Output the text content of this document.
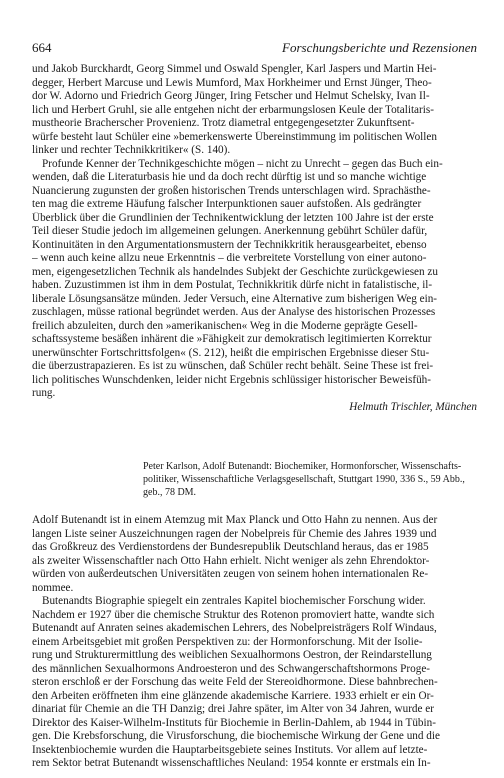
664	Forschungsberichte und Rezensionen
und Jakob Burckhardt, Georg Simmel und Oswald Spengler, Karl Jaspers und Martin Hei-
degger, Herbert Marcuse und Lewis Mumford, Max Horkheimer und Ernst Jünger, Theo-
dor W. Adorno und Friedrich Georg Jünger, Iring Fetscher und Helmut Schelsky, Ivan Il-
lich und Herbert Gruhl, sie alle entgehen nicht der erbarmungslosen Keule der Totalitaris-
mustheorie Bracherscher Provenienz. Trotz diametral entgegengesetzter Zukunftsent-
würfe besteht laut Schüler eine »bemerkenswerte Übereinstimmung im politischen Wollen
linker und rechter Technikkritiker« (S. 140).
Profunde Kenner der Technikgeschichte mögen – nicht zu Unrecht – gegen das Buch ein-
wenden, daß die Literaturbasis hie und da doch recht dürftig ist und so manche wichtige
Nuancierung zugunsten der großen historischen Trends unterschlagen wird. Sprachästhe-
ten mag die extreme Häufung falscher Interpunktionen sauer aufstoßen. Als gedrängter
Überblick über die Grundlinien der Technikentwicklung der letzten 100 Jahre ist der erste
Teil dieser Studie jedoch im allgemeinen gelungen. Anerkennung gebührt Schüler dafür,
Kontinuitäten in den Argumentationsmustern der Technikkritik herausgearbeitet, ebenso
– wenn auch keine allzu neue Erkenntnis – die verbreitete Vorstellung von einer autono-
men, eigengesetzlichen Technik als handelndes Subjekt der Geschichte zurückgewiesen zu
haben. Zuzustimmen ist ihm in dem Postulat, Technikkritik dürfe nicht in fatalistische, il-
liberale Lösungsansätze münden. Jeder Versuch, eine Alternative zum bisherigen Weg ein-
zuschlagen, müsse rational begründet werden. Aus der Analyse des historischen Prozesses
freilich abzuleiten, durch den »amerikanischen« Weg in die Moderne geprägte Gesell-
schaftssysteme besäßen inhärent die »Fähigkeit zur demokratisch legitimierten Korrektur
unerwünschter Fortschrittsfolgen« (S. 212), heißt die empirischen Ergebnisse dieser Stu-
die überzustrapazieren. Es ist zu wünschen, daß Schüler recht behält. Seine These ist frei-
lich politisches Wunschdenken, leider nicht Ergebnis schlüssiger historischer Beweisfüh-
rung.
Helmuth Trischler, München
Peter Karlson, Adolf Butenandt: Biochemiker, Hormonforscher, Wissenschafts-
politiker, Wissenschaftliche Verlagsgesellschaft, Stuttgart 1990, 336 S., 59 Abb.,
geb., 78 DM.
Adolf Butenandt ist in einem Atemzug mit Max Planck und Otto Hahn zu nennen. Aus der
langen Liste seiner Auszeichnungen ragen der Nobelpreis für Chemie des Jahres 1939 und
das Großkreuz des Verdienstordens der Bundesrepublik Deutschland heraus, das er 1985
als zweiter Wissenschaftler nach Otto Hahn erhielt. Nicht weniger als zehn Ehrendoktor-
würden von außerdeutschen Universitäten zeugen von seinem hohen internationalen Re-
nommee.
Butenandts Biographie spiegelt ein zentrales Kapitel biochemischer Forschung wider.
Nachdem er 1927 über die chemische Struktur des Rotenon promoviert hatte, wandte sich
Butenandt auf Anraten seines akademischen Lehrers, des Nobelpreisträgers Rolf Windaus,
einem Arbeitsgebiet mit großen Perspektiven zu: der Hormonforschung. Mit der Isolie-
rung und Strukturermittlung des weiblichen Sexualhormons Oestron, der Reindarstellung
des männlichen Sexualhormons Androesteron und des Schwangerschaftshormons Proge-
steron erschloß er der Forschung das weite Feld der Stereoidhormone. Diese bahnbrechen-
den Arbeiten eröffneten ihm eine glänzende akademische Karriere. 1933 erhielt er ein Or-
dinariat für Chemie an die TH Danzig; drei Jahre später, im Alter von 34 Jahren, wurde er
Direktor des Kaiser-Wilhelm-Instituts für Biochemie in Berlin-Dahlem, ab 1944 in Tübin-
gen. Die Krebsforschung, die Virusforschung, die biochemische Wirkung der Gene und die
Insektenbiochemie wurden die Hauptarbeitsgebiete seines Instituts. Vor allem auf letzte-
rem Sektor betrat Butenandt wissenschaftliches Neuland: 1954 konnte er erstmals ein In-
